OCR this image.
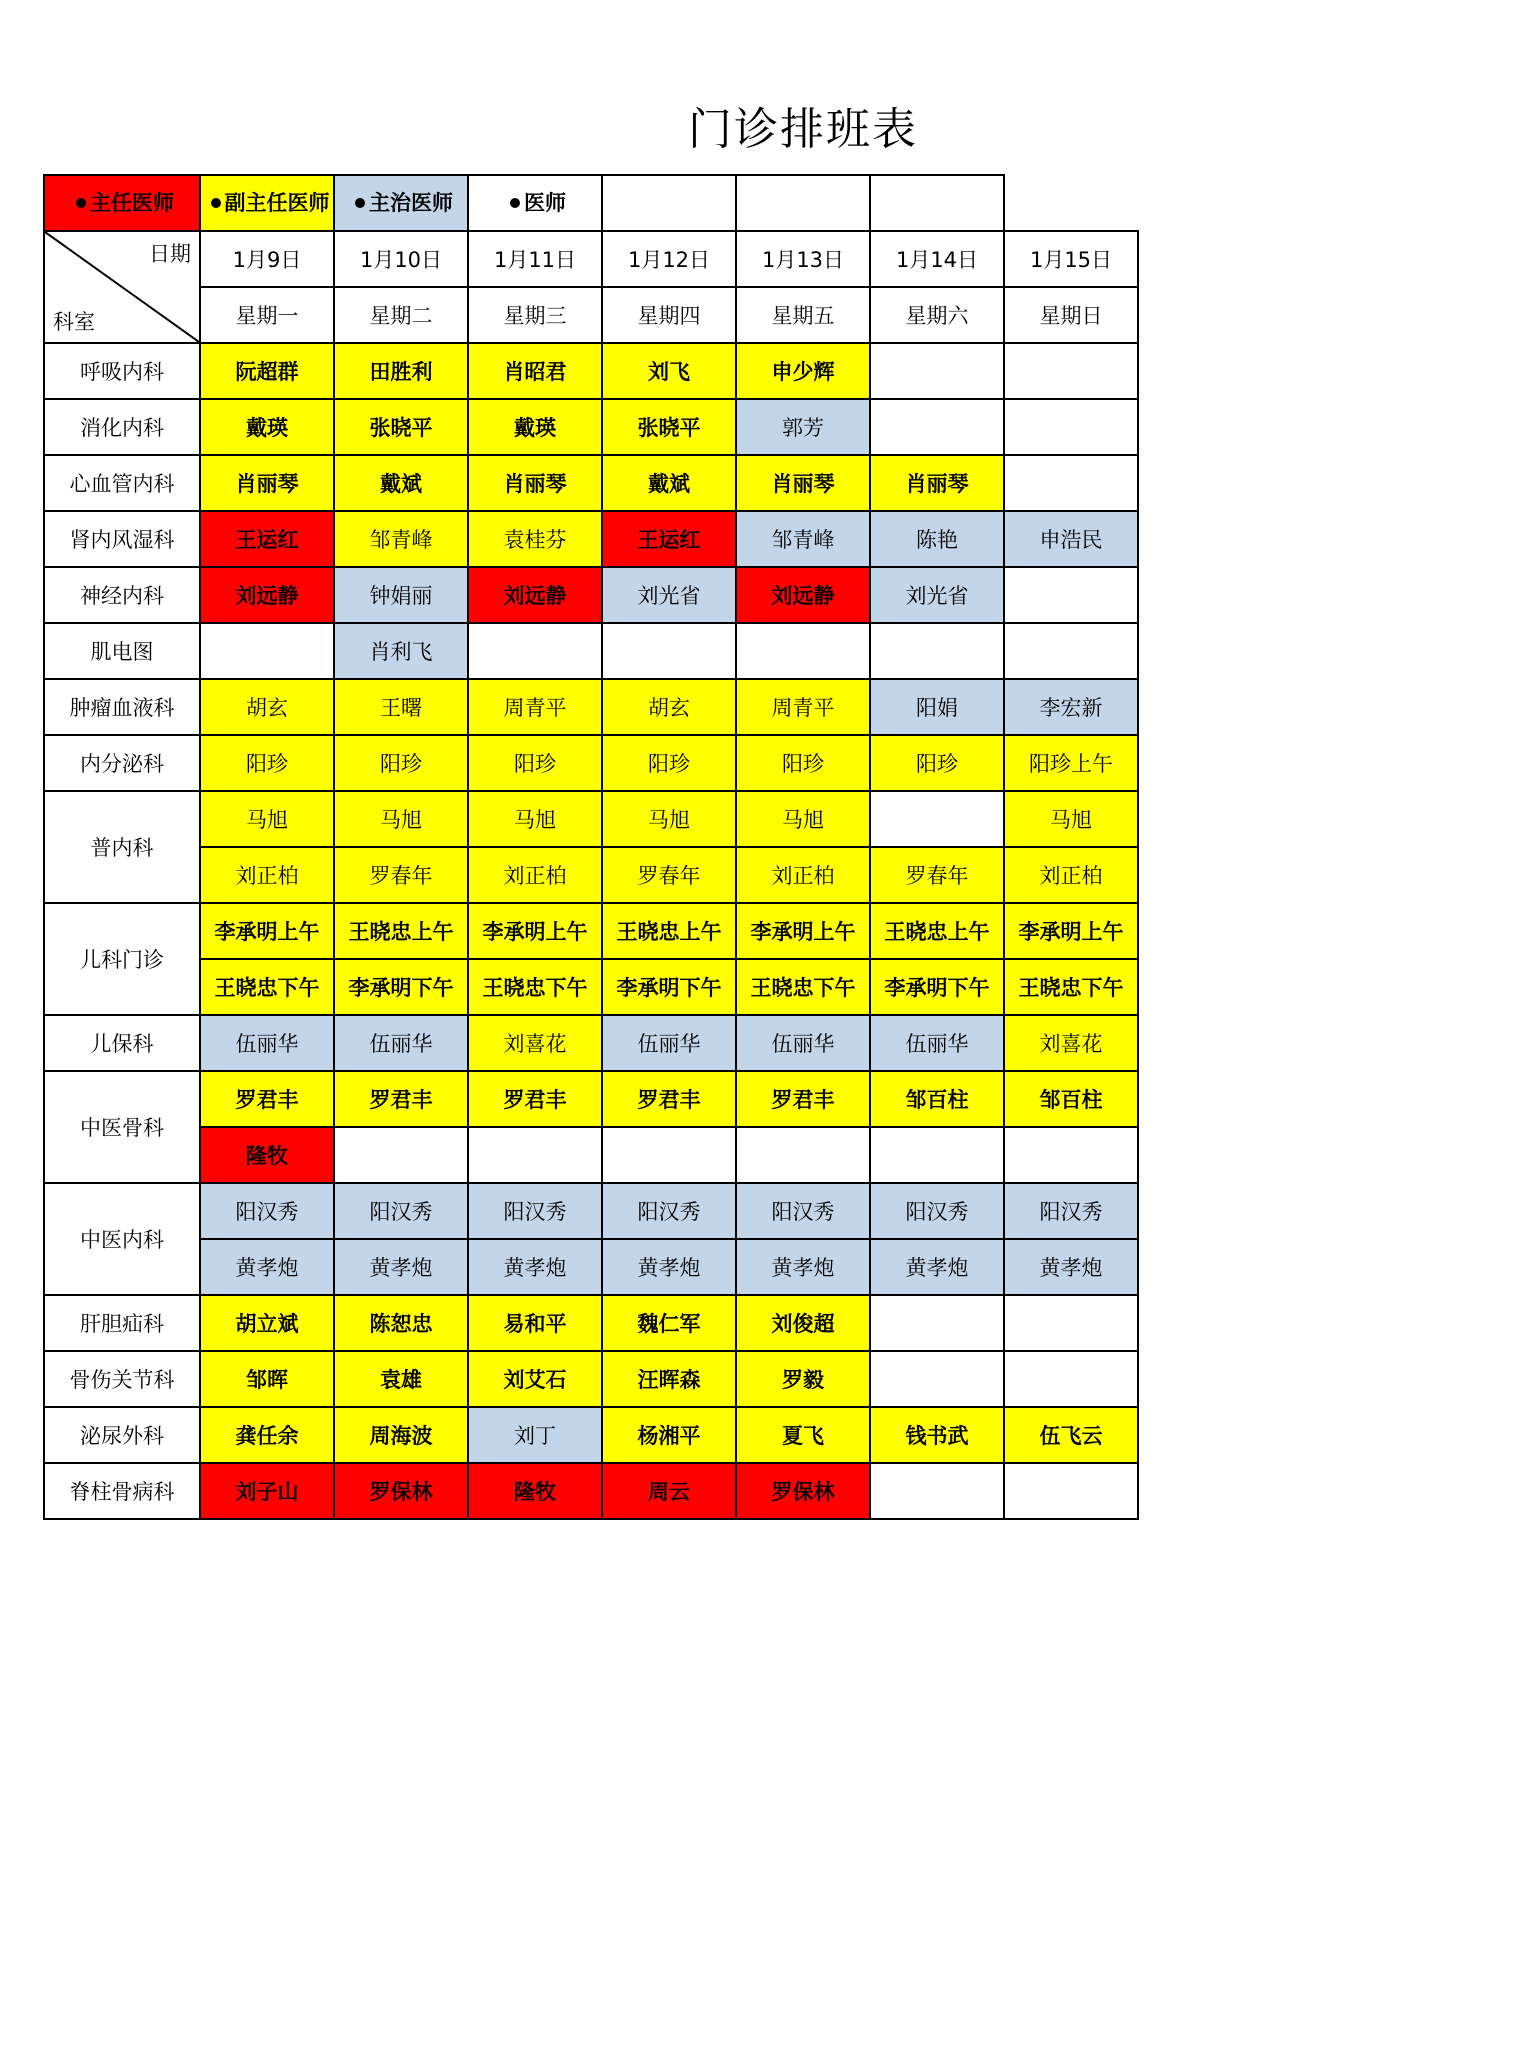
门诊排班表
主任医师	副主任医师	主治医师	医师				

日期
科室	1月9日	1月10日	1月11日	1月12日	1月13日	1月14日	1月15日
	星期一	星期二	星期三	星期四	星期五	星期六	星期日
呼吸内科	阮超群	田胜利	肖昭君	刘飞	申少辉		
消化内科	戴瑛	张晓平	戴瑛	张晓平	郭芳		
心血管内科	肖丽琴	戴斌	肖丽琴	戴斌	肖丽琴	肖丽琴	
肾内风湿科	王运红	邹青峰	袁桂芬	王运红	邹青峰	陈艳	申浩民
神经内科	刘远静	钟娟丽	刘远静	刘光省	刘远静	刘光省	
肌电图		肖利飞					
肿瘤血液科	胡玄	王曙	周青平	胡玄	周青平	阳娟	李宏新
内分泌科	阳珍	阳珍	阳珍	阳珍	阳珍	阳珍	阳珍上午
普内科	马旭	马旭	马旭	马旭	马旭		马旭
	刘正柏	罗春年	刘正柏	罗春年	刘正柏	罗春年	刘正柏
儿科门诊	李承明上午	王晓忠上午	李承明上午	王晓忠上午	李承明上午	王晓忠上午	李承明上午
	王晓忠下午	李承明下午	王晓忠下午	李承明下午	王晓忠下午	李承明下午	王晓忠下午
儿保科	伍丽华	伍丽华	刘喜花	伍丽华	伍丽华	伍丽华	刘喜花
中医骨科	罗君丰	罗君丰	罗君丰	罗君丰	罗君丰	邹百柱	邹百柱
	隆牧						
中医内科	阳汉秀	阳汉秀	阳汉秀	阳汉秀	阳汉秀	阳汉秀	阳汉秀
	黄孝炮	黄孝炮	黄孝炮	黄孝炮	黄孝炮	黄孝炮	黄孝炮
肝胆疝科	胡立斌	陈恕忠	易和平	魏仁军	刘俊超		
骨伤关节科	邹晖	袁雄	刘艾石	汪晖森	罗毅		
泌尿外科	龚任余	周海波	刘丁	杨湘平	夏飞	钱书武	伍飞云
脊柱骨病科	刘子山	罗保林	隆牧	周云	罗保林		
